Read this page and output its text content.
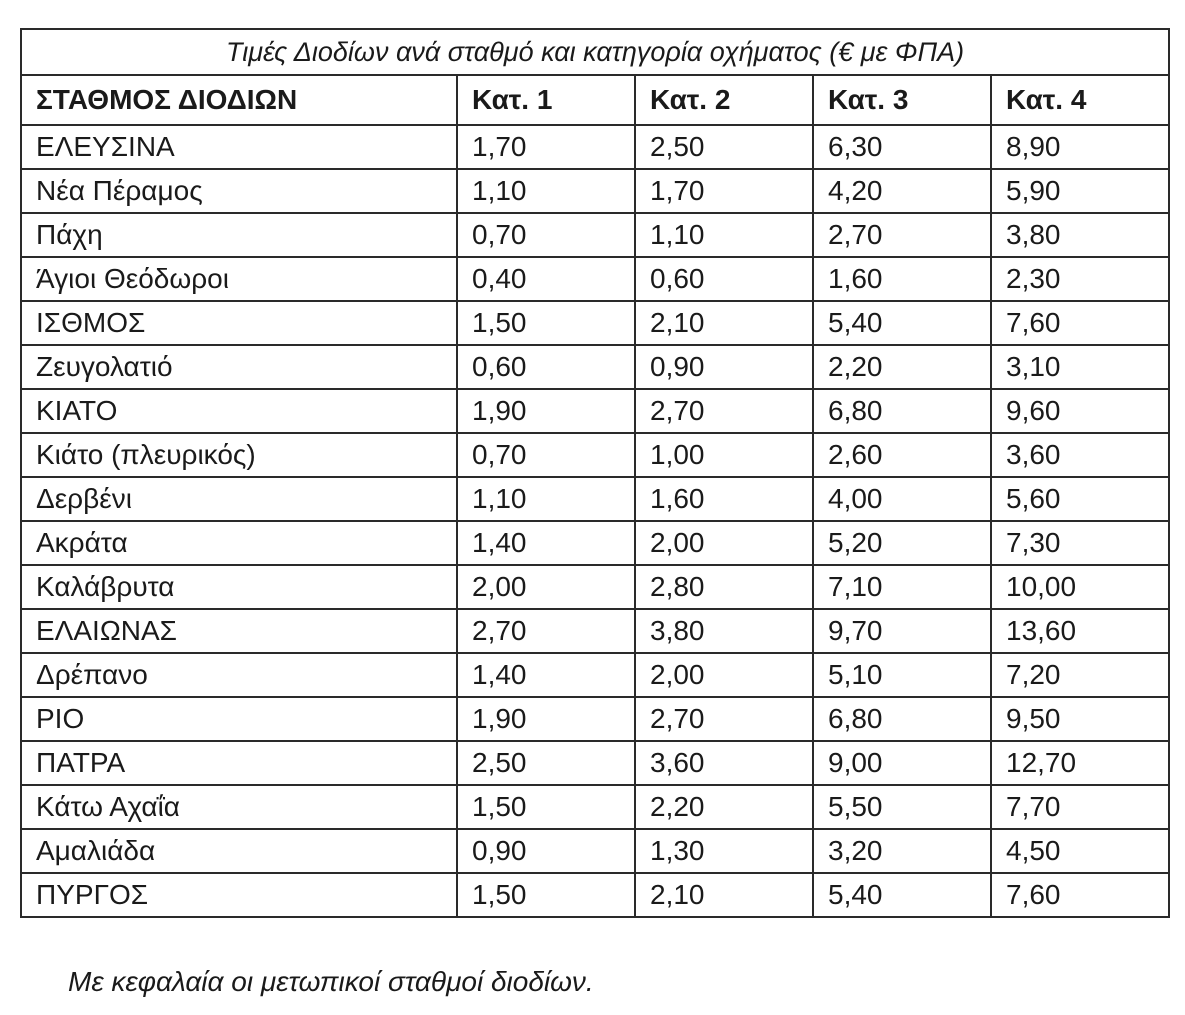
Τιμές Διοδίων ανά σταθμό και κατηγορία οχήματος (€ με ΦΠΑ)				
ΣΤΑΘΜΟΣ ΔΙΟΔΙΩΝ	Κατ. 1	Κατ. 2	Κατ. 3	Κατ. 4
ΕΛΕΥΣΙΝΑ	1,70	2,50	6,30	8,90
Νέα Πέραμος	1,10	1,70	4,20	5,90
Πάχη	0,70	1,10	2,70	3,80
Άγιοι Θεόδωροι	0,40	0,60	1,60	2,30
ΙΣΘΜΟΣ	1,50	2,10	5,40	7,60
Ζευγολατιό	0,60	0,90	2,20	3,10
ΚΙΑΤΟ	1,90	2,70	6,80	9,60
Κιάτο (πλευρικός)	0,70	1,00	2,60	3,60
Δερβένι	1,10	1,60	4,00	5,60
Ακράτα	1,40	2,00	5,20	7,30
Καλάβρυτα	2,00	2,80	7,10	10,00
ΕΛΑΙΩΝΑΣ	2,70	3,80	9,70	13,60
Δρέπανο	1,40	2,00	5,10	7,20
ΡΙΟ	1,90	2,70	6,80	9,50
ΠΑΤΡΑ	2,50	3,60	9,00	12,70
Κάτω Αχαΐα	1,50	2,20	5,50	7,70
Αμαλιάδα	0,90	1,30	3,20	4,50
ΠΥΡΓΟΣ	1,50	2,10	5,40	7,60
Με κεφαλαία οι μετωπικοί σταθμοί διοδίων.
